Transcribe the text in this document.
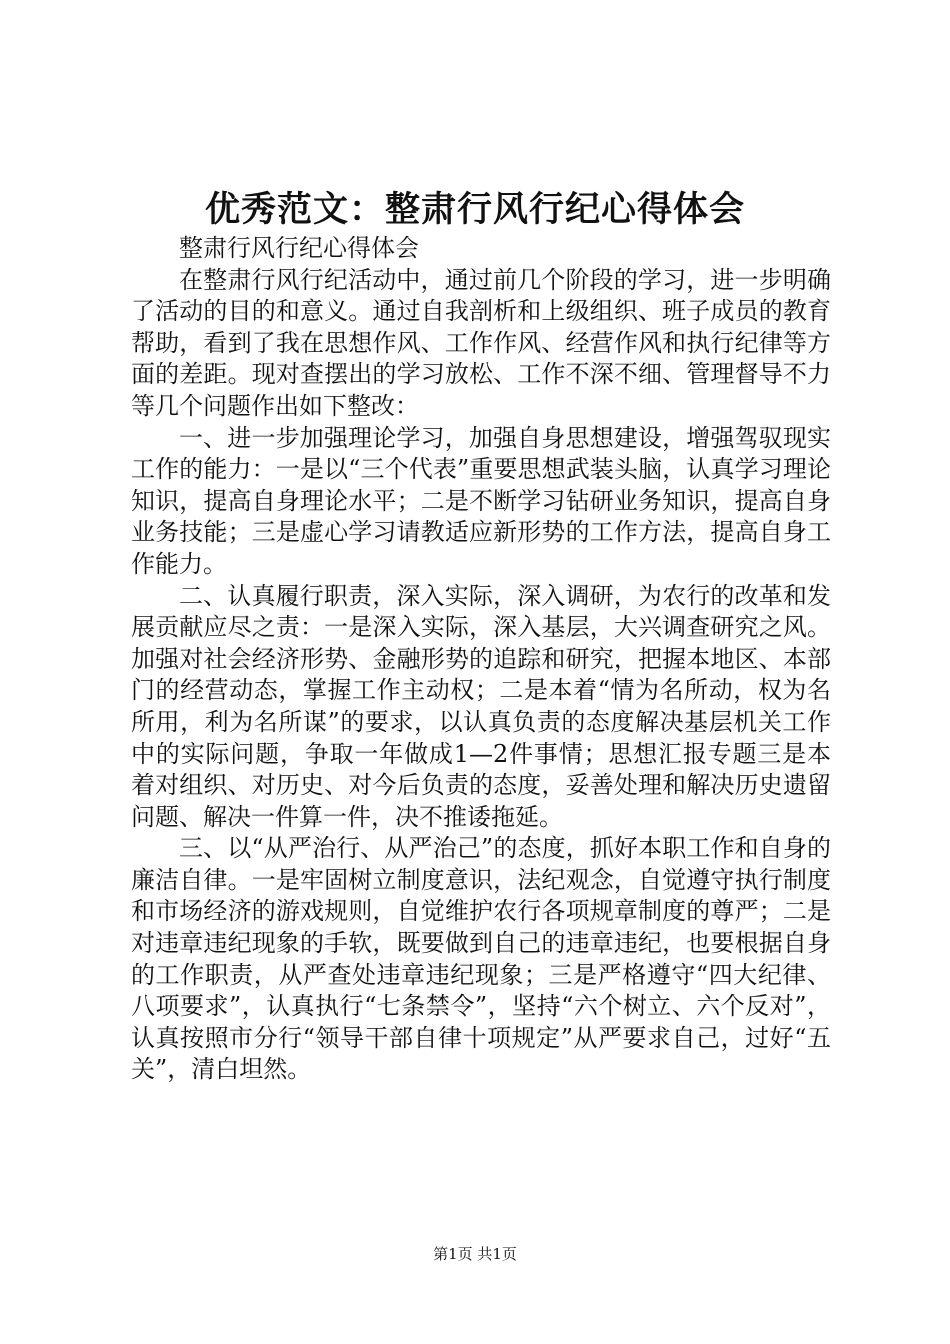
优秀范文：整肃行风行纪心得体会

整肃行风行纪心得体会

在整肃行风行纪活动中，通过前几个阶段的学习，进一步明确了活动的目的和意义。通过自我剖析和上级组织、班子成员的教育帮助，看到了我在思想作风、工作作风、经营作风和执行纪律等方面的差距。现对查摆出的学习放松、工作不深不细、管理督导不力等几个问题作出如下整改：

一、进一步加强理论学习，加强自身思想建设，增强驾驭现实工作的能力：一是以“三个代表”重要思想武装头脑，认真学习理论知识，提高自身理论水平；二是不断学习钻研业务知识，提高自身业务技能；三是虚心学习请教适应新形势的工作方法，提高自身工作能力。

二、认真履行职责，深入实际，深入调研，为农行的改革和发展贡献应尽之责：一是深入实际，深入基层，大兴调查研究之风。加强对社会经济形势、金融形势的追踪和研究，把握本地区、本部门的经营动态，掌握工作主动权；二是本着“情为名所动，权为名所用，利为名所谋”的要求，以认真负责的态度解决基层机关工作中的实际问题，争取一年做成1—2件事情；思想汇报专题三是本着对组织、对历史、对今后负责的态度，妥善处理和解决历史遗留问题、解决一件算一件，决不推诿拖延。

三、以“从严治行、从严治己”的态度，抓好本职工作和自身的廉洁自律。一是牢固树立制度意识，法纪观念，自觉遵守执行制度和市场经济的游戏规则，自觉维护农行各项规章制度的尊严；二是对违章违纪现象的手软，既要做到自己的违章违纪，也要根据自身的工作职责，从严查处违章违纪现象；三是严格遵守“四大纪律、八项要求”，认真执行“七条禁令”，坚持“六个树立、六个反对”，认真按照市分行“领导干部自律十项规定”从严要求自己，过好“五关”，清白坦然。

第1页 共1页
